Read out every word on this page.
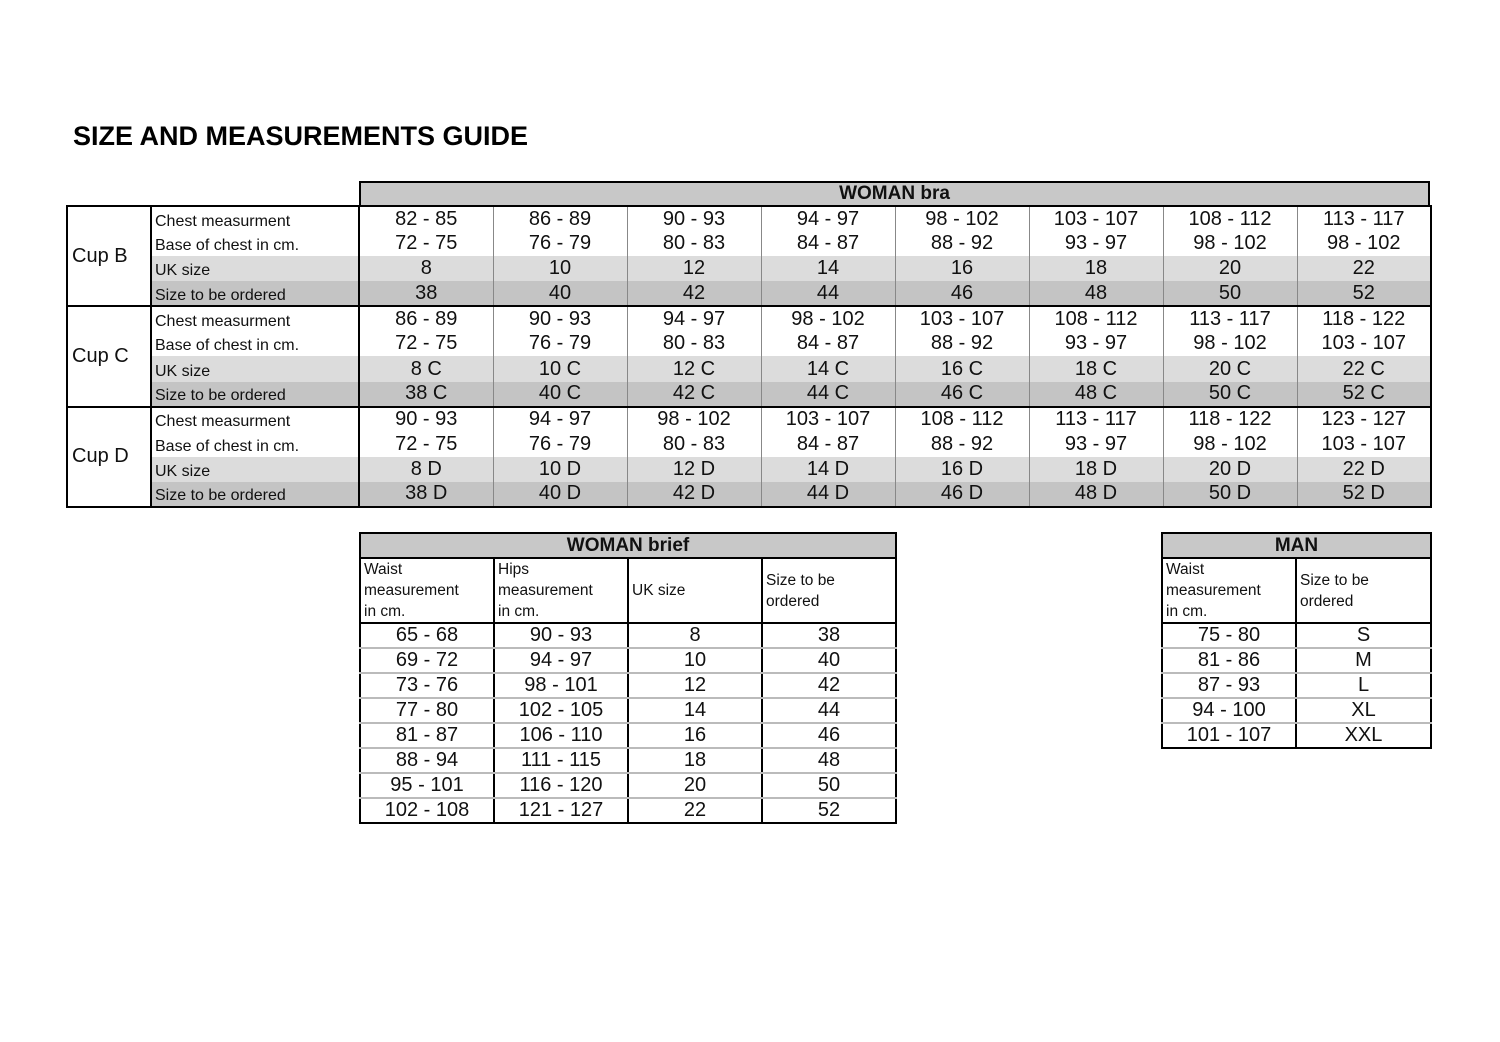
SIZE AND MEASUREMENTS GUIDE
WOMAN bra
Cup B	Chest measurment	82 - 85	86 - 89	90 - 93	94 - 97	98 - 102	103 - 107	108 - 112	113 - 117
	Base of chest in cm.	72 - 75	76 - 79	80 - 83	84 - 87	88 - 92	93 - 97	98 - 102	98 - 102
	UK size	8	10	12	14	16	18	20	22
	Size to be ordered	38	40	42	44	46	48	50	52
Cup C	Chest measurment	86 - 89	90 - 93	94 - 97	98 - 102	103 - 107	108 - 112	113 - 117	118 - 122
	Base of chest in cm.	72 - 75	76 - 79	80 - 83	84 - 87	88 - 92	93 - 97	98 - 102	103 - 107
	UK size	8 C	10 C	12 C	14 C	16 C	18 C	20 C	22 C
	Size to be ordered	38 C	40 C	42 C	44 C	46 C	48 C	50 C	52 C
Cup D	Chest measurment	90 - 93	94 - 97	98 - 102	103 - 107	108 - 112	113 - 117	118 - 122	123 - 127
	Base of chest in cm.	72 - 75	76 - 79	80 - 83	84 - 87	88 - 92	93 - 97	98 - 102	103 - 107
	UK size	8 D	10 D	12 D	14 D	16 D	18 D	20 D	22 D
	Size to be ordered	38 D	40 D	42 D	44 D	46 D	48 D	50 D	52 D
WOMAN brief			
Waist
measurement
in cm.	Hips
measurement
in cm.	UK size	Size to be
ordered
65 - 68	90 - 93	8	38
69 - 72	94 - 97	10	40
73 - 76	98 - 101	12	42
77 - 80	102 - 105	14	44
81 - 87	106 - 110	16	46
88 - 94	111 - 115	18	48
95 - 101	116 - 120	20	50
102 - 108	121 - 127	22	52
MAN	
Waist
measurement
in cm.	Size to be
ordered
75 - 80	S
81 - 86	M
87 - 93	L
94 - 100	XL
101 - 107	XXL
